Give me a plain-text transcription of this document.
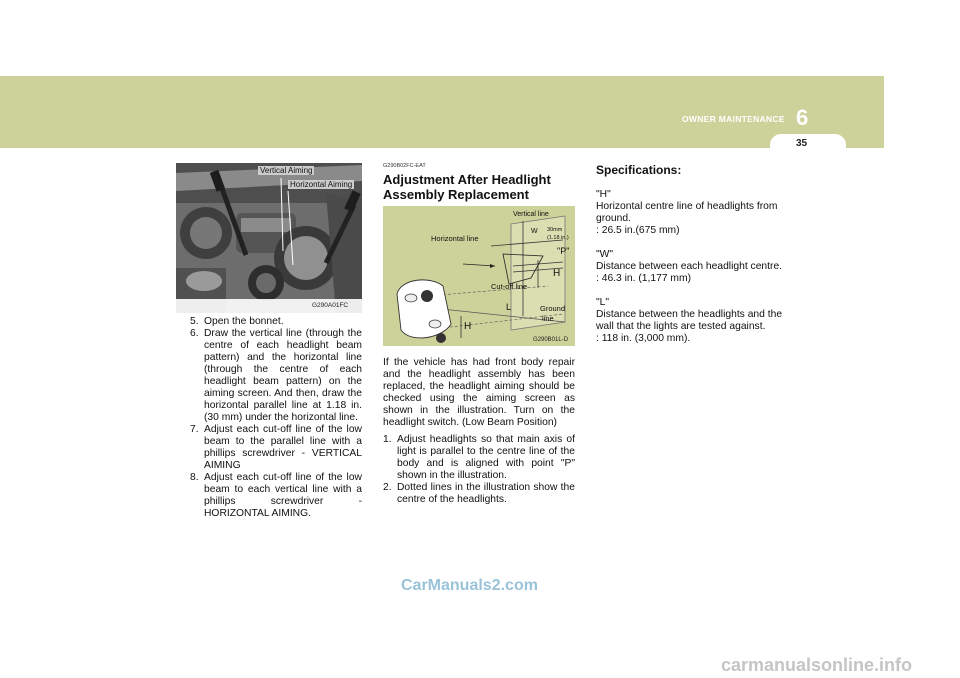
OWNER MAINTENANCE 6
35
Vertical Aiming
Horizontal Aiming
G290A01FC
5. Open the bonnet.
6. Draw the vertical line (through the centre of each headlight beam pattern) and the horizontal line (through the centre of each headlight beam pattern) on the aiming screen. And then, draw the horizontal parallel line at 1.18 in. (30 mm) under the horizontal line.
7. Adjust each cut-off line of the low beam to the parallel line with a phillips screwdriver - VERTICAL AIMING
8. Adjust each cut-off line of the low beam to each vertical line with a phillips screwdriver - HORIZONTAL AIMING.
G290B02FC-EAT
Adjustment After Headlight Assembly Replacement
Vertical line
Horizontal line
W 30mm
(1.18 in.)
"P"
H
Cut-off line
L	Ground
line
H
G290B01L-D
If the vehicle has had front body repair and the headlight assembly has been replaced, the headlight aiming should be checked using the aiming screen as shown in the illustration. Turn on the headlight switch. (Low Beam Position)
1. Adjust headlights so that main axis of light is parallel to the centre line of the body and is aligned with point "P" shown in the illustration.
2. Dotted lines in the illustration show the centre of the headlights.
Specifications:
"H"
Horizontal centre line of headlights from ground.
: 26.5 in.(675 mm)
"W"
Distance between each headlight centre.
: 46.3 in. (1,177 mm)
"L"
Distance between the headlights and the wall that the lights are tested against.
: 118 in. (3,000 mm).
CarManuals2.com
carmanualsonline.info
